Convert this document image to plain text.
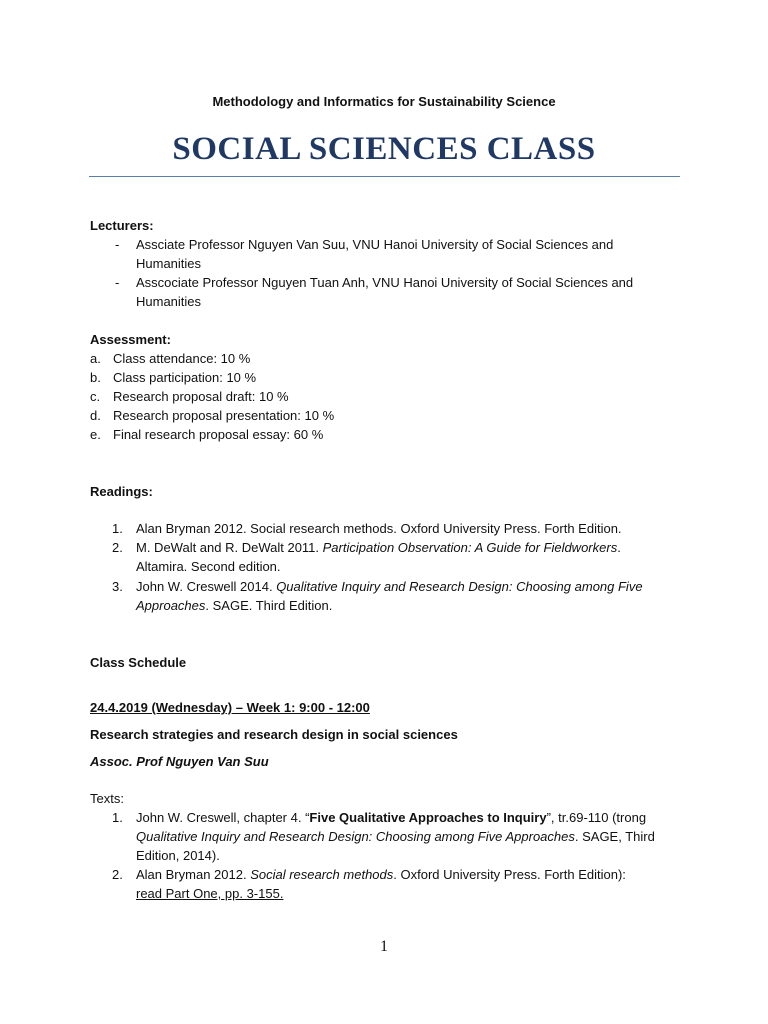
Methodology and Informatics for Sustainability Science
SOCIAL SCIENCES CLASS
Lecturers:
- Assciate Professor Nguyen Van Suu, VNU Hanoi University of Social Sciences and
Humanities
- Asscociate Professor Nguyen Tuan Anh, VNU Hanoi University of Social Sciences and
Humanities
Assessment:
a. Class attendance: 10 %
b. Class participation: 10 %
c. Research proposal draft: 10 %
d. Research proposal presentation: 10 %
e. Final research proposal essay: 60 %
Readings:
1. Alan Bryman 2012. Social research methods. Oxford University Press. Forth Edition.
2. M. DeWalt and R. DeWalt 2011. Participation Observation: A Guide for Fieldworkers.
Altamira. Second edition.
3. John W. Creswell 2014. Qualitative Inquiry and Research Design: Choosing among Five
Approaches. SAGE. Third Edition.
Class Schedule
24.4.2019 (Wednesday) – Week 1: 9:00 - 12:00
Research strategies and research design in social sciences
Assoc. Prof Nguyen Van Suu
Texts:
1. John W. Creswell, chapter 4. “Five Qualitative Approaches to Inquiry”, tr.69-110 (trong
Qualitative Inquiry and Research Design: Choosing among Five Approaches. SAGE, Third
Edition, 2014).
2. Alan Bryman 2012. Social research methods. Oxford University Press. Forth Edition):
read Part One, pp. 3-155.
1
